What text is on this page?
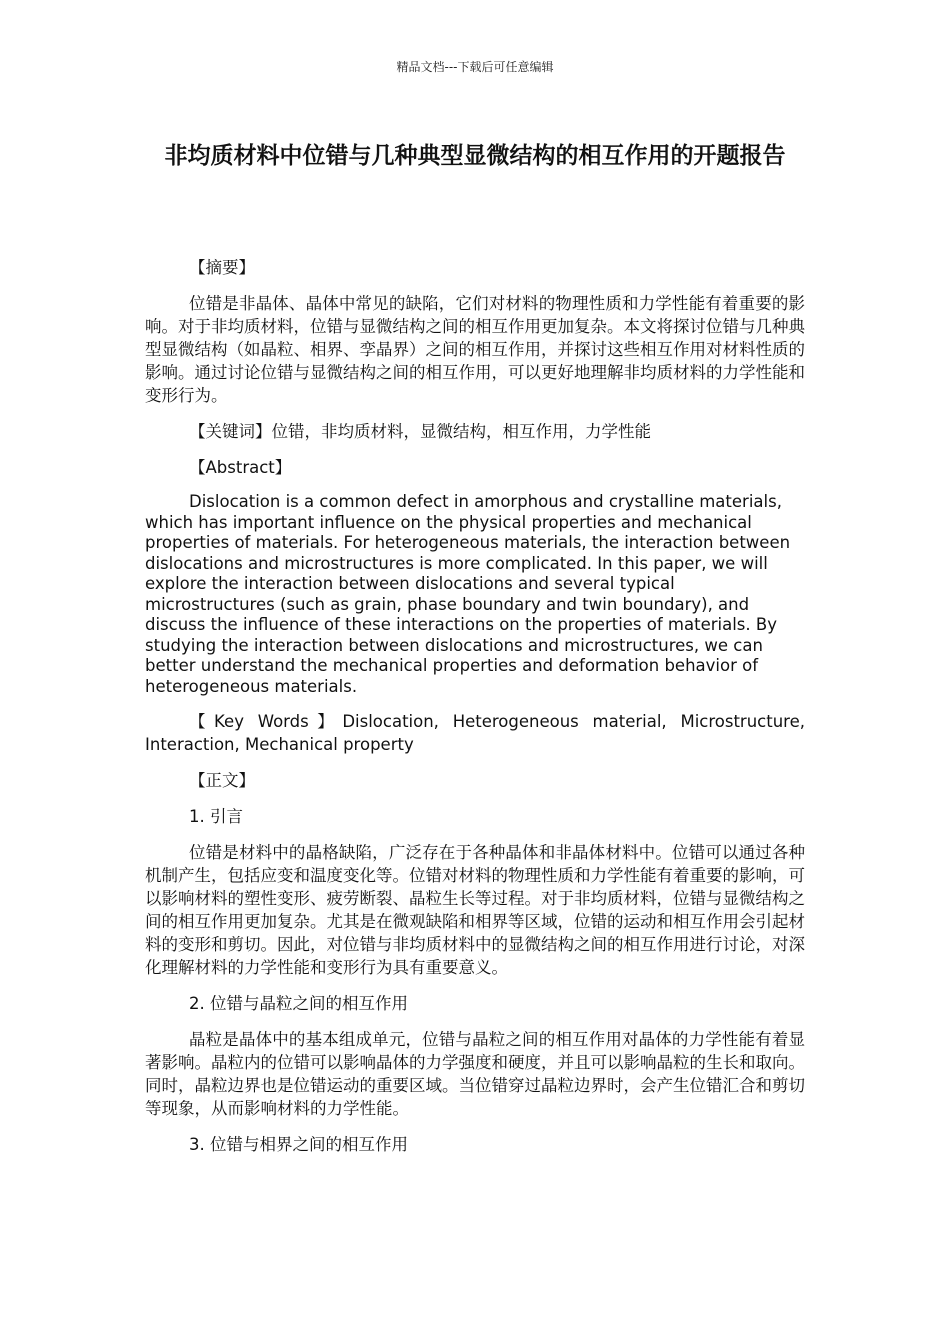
精品文档---下载后可任意编辑
非均质材料中位错与几种典型显微结构的相互作用的开题报告

【摘要】

位错是非晶体、晶体中常见的缺陷，它们对材料的物理性质和力学性能有着重要的影响。对于非均质材料，位错与显微结构之间的相互作用更加复杂。本文将探讨位错与几种典型显微结构（如晶粒、相界、孪晶界）之间的相互作用，并探讨这些相互作用对材料性质的影响。通过讨论位错与显微结构之间的相互作用，可以更好地理解非均质材料的力学性能和变形行为。

【关键词】位错，非均质材料，显微结构，相互作用，力学性能

【Abstract】

Dislocation is a common defect in amorphous and crystalline materials, which has important influence on the physical properties and mechanical properties of materials. For heterogeneous materials, the interaction between dislocations and microstructures is more complicated. In this paper, we will explore the interaction between dislocations and several typical microstructures (such as grain, phase boundary and twin boundary), and discuss the influence of these interactions on the properties of materials. By studying the interaction between dislocations and microstructures, we can better understand the mechanical properties and deformation behavior of heterogeneous materials.

【Key Words】Dislocation, Heterogeneous material, Microstructure, Interaction, Mechanical property

【正文】

1. 引言

位错是材料中的晶格缺陷，广泛存在于各种晶体和非晶体材料中。位错可以通过各种机制产生，包括应变和温度变化等。位错对材料的物理性质和力学性能有着重要的影响，可以影响材料的塑性变形、疲劳断裂、晶粒生长等过程。对于非均质材料，位错与显微结构之间的相互作用更加复杂。尤其是在微观缺陷和相界等区域，位错的运动和相互作用会引起材料的变形和剪切。因此，对位错与非均质材料中的显微结构之间的相互作用进行讨论，对深化理解材料的力学性能和变形行为具有重要意义。

2. 位错与晶粒之间的相互作用

晶粒是晶体中的基本组成单元，位错与晶粒之间的相互作用对晶体的力学性能有着显著影响。晶粒内的位错可以影响晶体的力学强度和硬度，并且可以影响晶粒的生长和取向。同时，晶粒边界也是位错运动的重要区域。当位错穿过晶粒边界时，会产生位错汇合和剪切等现象，从而影响材料的力学性能。

3. 位错与相界之间的相互作用
